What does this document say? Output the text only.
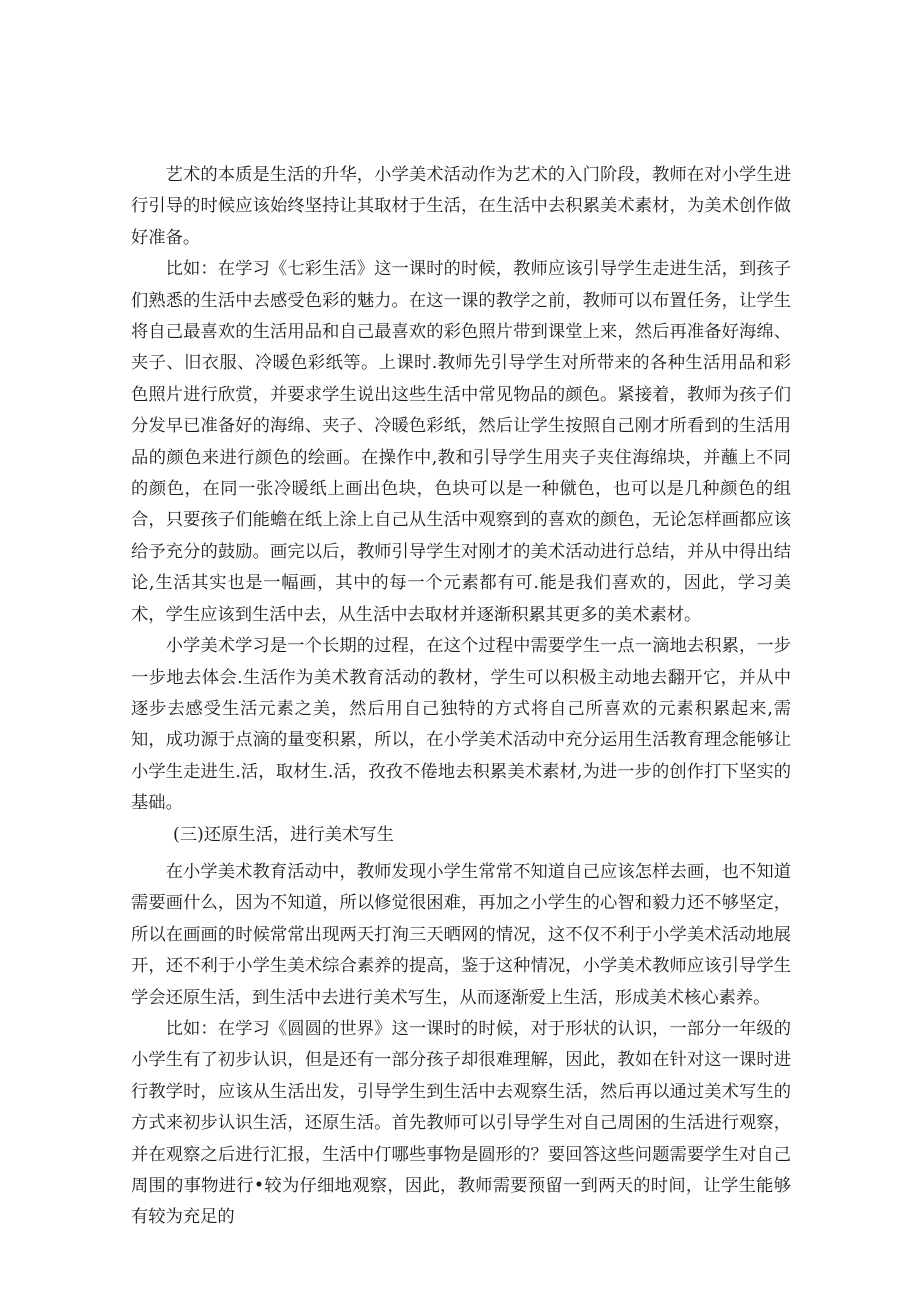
艺术的本质是生活的升华，小学美术活动作为艺术的入门阶段，教师在对小学生进行引导的时候应该始终坚持让其取材于生活，在生活中去积累美术素材，为美术创作做好准备。

比如：在学习《七彩生活》这一课时的时候，教师应该引导学生走进生活，到孩子们熟悉的生活中去感受色彩的魅力。在这一课的教学之前，教师可以布置任务，让学生将自己最喜欢的生活用品和自己最喜欢的彩色照片带到课堂上来，然后再准备好海绵、夹子、旧衣服、冷暖色彩纸等。上课时.教师先引导学生对所带来的各种生活用品和彩色照片进行欣赏，并要求学生说出这些生活中常见物品的颜色。紧接着，教师为孩子们分发早已准备好的海绵、夹子、冷暖色彩纸，然后让学生按照自己刚才所看到的生活用品的颜色来进行颜色的绘画。在操作中,教和引导学生用夹子夹住海绵块，并蘸上不同的颜色，在同一张冷暖纸上画出色块，色块可以是一种僦色，也可以是几种颜色的组合，只要孩子们能蟾在纸上涂上自己从生活中观察到的喜欢的颜色，无论怎样画都应该给予充分的鼓励。画完以后，教师引导学生对刚才的美术活动进行总结，并从中得出结论,生活其实也是一幅画，其中的每一个元素都有可.能是我们喜欢的，因此，学习美术，学生应该到生活中去，从生活中去取材并逐渐积累其更多的美术素材。

小学美术学习是一个长期的过程，在这个过程中需要学生一点一滴地去积累，一步一步地去体会.生活作为美术教育活动的教材，学生可以积极主动地去翻开它，并从中逐步去感受生活元素之美，然后用自己独特的方式将自己所喜欢的元素积累起来,需知，成功源于点滴的量变积累，所以，在小学美术活动中充分运用生活教育理念能够让小学生走进生.活，取材生.活，孜孜不倦地去积累美术素材,为进一步的创作打下坚实的基础。

(三)还原生活，进行美术写生

在小学美术教育活动中，教师发现小学生常常不知道自己应该怎样去画，也不知道需要画什么，因为不知道，所以修觉很困难，再加之小学生的心智和毅力还不够坚定，所以在画画的时候常常出现两天打洵三天晒网的情况，这不仅不利于小学美术活动地展开，还不利于小学生美术综合素养的提高，鉴于这种情况，小学美术教师应该引导学生学会还原生活，到生活中去进行美术写生，从而逐渐爱上生活，形成美术核心素养。

比如：在学习《圆圆的世界》这一课时的时候，对于形状的认识，一部分一年级的小学生有了初步认识，但是还有一部分孩子却很难理解，因此，教如在针对这一课时进行教学时，应该从生活出发，引导学生到生活中去观察生活，然后再以通过美术写生的方式来初步认识生活，还原生活。首先教师可以引导学生对自己周困的生活进行观察，并在观察之后进行汇报，生活中仃哪些事物是圆形的？要回答这些问题需要学生对自己周围的事物进行•较为仔细地观察，因此，教师需要预留一到两天的时间，让学生能够有较为充足的
